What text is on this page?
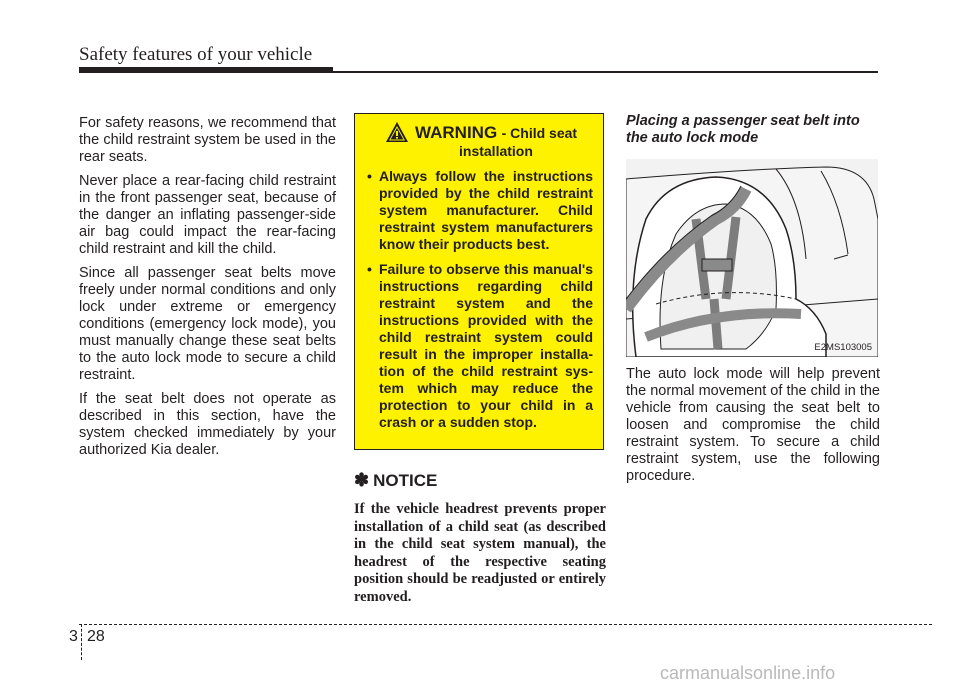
Safety features of your vehicle

For safety reasons, we recommend that the child restraint system be used in the rear seats.

Never place a rear-facing child restraint in the front passenger seat, because of the danger an inflating passenger-side air bag could impact the rear-facing child restraint and kill the child.

Since all passenger seat belts move freely under normal conditions and only lock under extreme or emergency conditions (emergency lock mode), you must manually change these seat belts to the auto lock mode to secure a child restraint.

If the seat belt does not operate as described in this section, have the system checked immediately by your authorized Kia dealer.

WARNING - Child seat
installation
• Always follow the instructions provided by the child restraint system manufacturer. Child restraint system manufacturers know their products best.
• Failure to observe this manual's instructions regarding child restraint system and the instructions provided with the child restraint system could result in the improper installation of the child restraint system which may reduce the protection to your child in a crash or a sudden stop.
✽ NOTICE

If the vehicle headrest prevents proper installation of a child seat (as described in the child seat system manual), the headrest of the respective seating position should be readjusted or entirely removed.

Placing a passenger seat belt into the auto lock mode

E2MS103005

The auto lock mode will help prevent the normal movement of the child in the vehicle from causing the seat belt to loosen and compromise the child restraint system. To secure a child restraint system, use the following procedure.

3 28
carmanualsonline.info
